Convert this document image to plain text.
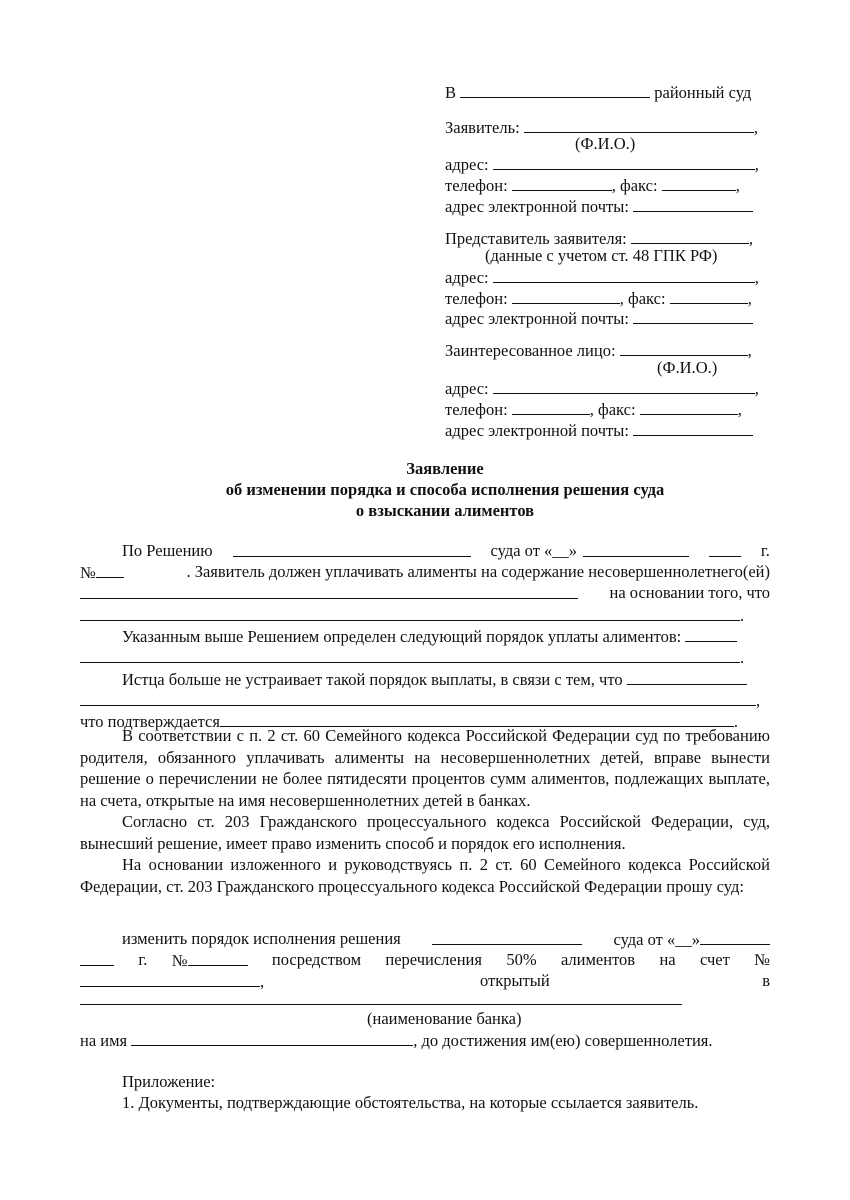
В	районный суд
Заявитель:	,
(Ф.И.О.)
адрес:	,
телефон:	, факс:	,
адрес электронной почты:
Представитель заявителя:	,
(данные с учетом ст. 48 ГПК РФ)
адрес:	,
телефон:	, факс:	,
адрес электронной почты:
Заинтересованное лицо:	,
(Ф.И.О.)
адрес:	,
телефон:	, факс:	,
адрес электронной почты:
Заявление
об изменении порядка и способа исполнения решения суда
о взыскании алиментов
По Решению	суда от «__»	г.
№	. Заявитель должен уплачивать алименты на содержание несовершеннолетнего(ей)
на основании того, что
.
Указанным выше Решением определен следующий порядок уплаты алиментов:
.
Истца больше не устраивает такой порядок выплаты, в связи с тем, что
,
что подтверждается	.
В соответствии с п. 2 ст. 60 Семейного кодекса Российской Федерации суд по требованию родителя, обязанного уплачивать алименты на несовершеннолетних детей, вправе вынести решение о перечислении не более пятидесяти процентов сумм алиментов, подлежащих выплате, на счета, открытые на имя несовершеннолетних детей в банках.
Согласно ст. 203 Гражданского процессуального кодекса Российской Федерации, суд, вынесший решение, имеет право изменить способ и порядок его исполнения.
На основании изложенного и руководствуясь п. 2 ст. 60 Семейного кодекса Российской Федерации, ст. 203 Гражданского процессуального кодекса Российской Федерации прошу суд:
изменить порядок исполнения решения	суда от «__»
г. №	посредством перечисления 50% алиментов на счет №
,	открытый	в
(наименование банка)
на имя	, до достижения им(ею) совершеннолетия.
Приложение:
1. Документы, подтверждающие обстоятельства, на которые ссылается заявитель.
